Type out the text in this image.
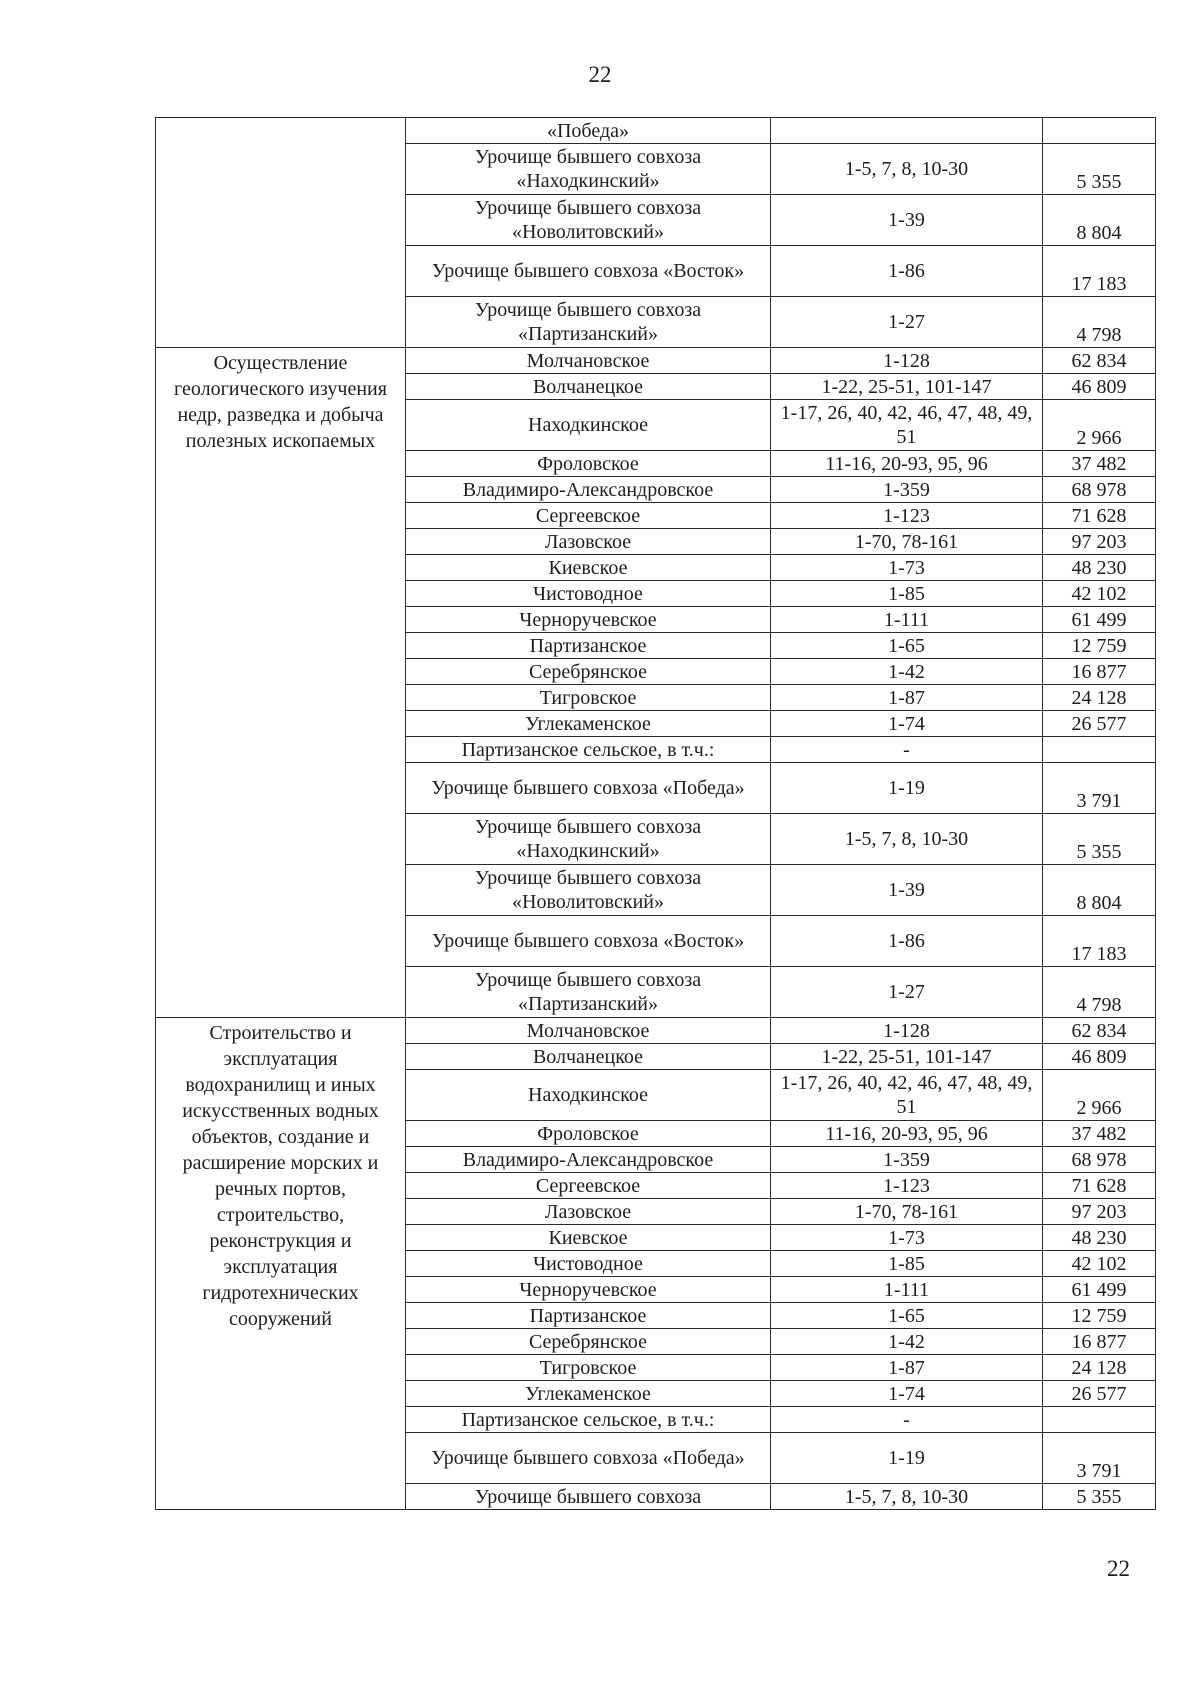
22
	«Победа»		
	Урочище бывшего совхоза «Находкинский»	1-5, 7, 8, 10-30	5 355
	Урочище бывшего совхоза «Новолитовский»	1-39	8 804
	Урочище бывшего совхоза «Восток»	1-86	17 183
	Урочище бывшего совхоза «Партизанский»	1-27	4 798
Осуществление геологического изучения недр, разведка и добыча полезных ископаемых	Молчановское	1-128	62 834
	Волчанецкое	1-22, 25-51, 101-147	46 809
	Находкинское	1-17, 26, 40, 42, 46, 47, 48, 49, 51	2 966
	Фроловское	11-16, 20-93, 95, 96	37 482
	Владимиро-Александровское	1-359	68 978
	Сергеевское	1-123	71 628
	Лазовское	1-70, 78-161	97 203
	Киевское	1-73	48 230
	Чистоводное	1-85	42 102
	Черноручевское	1-111	61 499
	Партизанское	1-65	12 759
	Серебрянское	1-42	16 877
	Тигровское	1-87	24 128
	Углекаменское	1-74	26 577
	Партизанское сельское, в т.ч.:	-	
	Урочище бывшего совхоза «Победа»	1-19	3 791
	Урочище бывшего совхоза «Находкинский»	1-5, 7, 8, 10-30	5 355
	Урочище бывшего совхоза «Новолитовский»	1-39	8 804
	Урочище бывшего совхоза «Восток»	1-86	17 183
	Урочище бывшего совхоза «Партизанский»	1-27	4 798
Строительство и эксплуатация водохранилищ и иных искусственных водных объектов, создание и расширение морских и речных портов, строительство, реконструкция и эксплуатация гидротехнических сооружений	Молчановское	1-128	62 834
	Волчанецкое	1-22, 25-51, 101-147	46 809
	Находкинское	1-17, 26, 40, 42, 46, 47, 48, 49, 51	2 966
	Фроловское	11-16, 20-93, 95, 96	37 482
	Владимиро-Александровское	1-359	68 978
	Сергеевское	1-123	71 628
	Лазовское	1-70, 78-161	97 203
	Киевское	1-73	48 230
	Чистоводное	1-85	42 102
	Черноручевское	1-111	61 499
	Партизанское	1-65	12 759
	Серебрянское	1-42	16 877
	Тигровское	1-87	24 128
	Углекаменское	1-74	26 577
	Партизанское сельское, в т.ч.:	-	
	Урочище бывшего совхоза «Победа»	1-19	3 791
	Урочище бывшего совхоза	1-5, 7, 8, 10-30	5 355
22
